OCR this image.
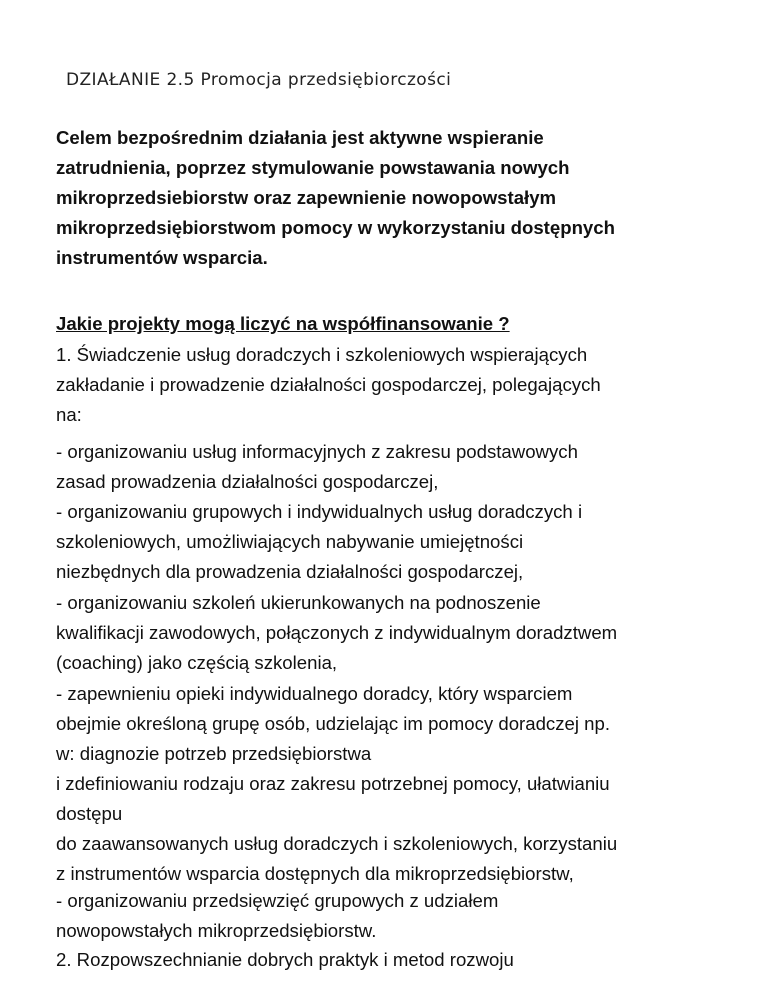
DZIAŁANIE 2.5 Promocja przedsiębiorczości

Celem bezpośrednim działania jest aktywne wspieranie
zatrudnienia, poprzez stymulowanie powstawania nowych
mikroprzedsiebiorstw oraz zapewnienie nowopowstałym
mikroprzedsiębiorstwom pomocy w wykorzystaniu dostępnych
instrumentów wsparcia.

Jakie projekty mogą liczyć na współfinansowanie ?

1. Świadczenie usług doradczych i szkoleniowych wspierających
zakładanie i prowadzenie działalności gospodarczej, polegających
na:

- organizowaniu usług informacyjnych z zakresu podstawowych
zasad prowadzenia działalności gospodarczej,

- organizowaniu grupowych i indywidualnych usług doradczych i
szkoleniowych, umożliwiających nabywanie umiejętności
niezbędnych dla prowadzenia działalności gospodarczej,

- organizowaniu szkoleń ukierunkowanych na podnoszenie
kwalifikacji zawodowych, połączonych z indywidualnym doradztwem
(coaching) jako częścią szkolenia,

- zapewnieniu opieki indywidualnego doradcy, który wsparciem
obejmie określoną grupę osób, udzielając im pomocy doradczej np.
w: diagnozie potrzeb przedsiębiorstwa
i zdefiniowaniu rodzaju oraz zakresu potrzebnej pomocy, ułatwianiu
dostępu
do zaawansowanych usług doradczych i szkoleniowych, korzystaniu
z instrumentów wsparcia dostępnych dla mikroprzedsiębiorstw,

- organizowaniu przedsięwzięć grupowych z udziałem
nowopowstałych mikroprzedsiębiorstw.

2. Rozpowszechnianie dobrych praktyk i metod rozwoju
